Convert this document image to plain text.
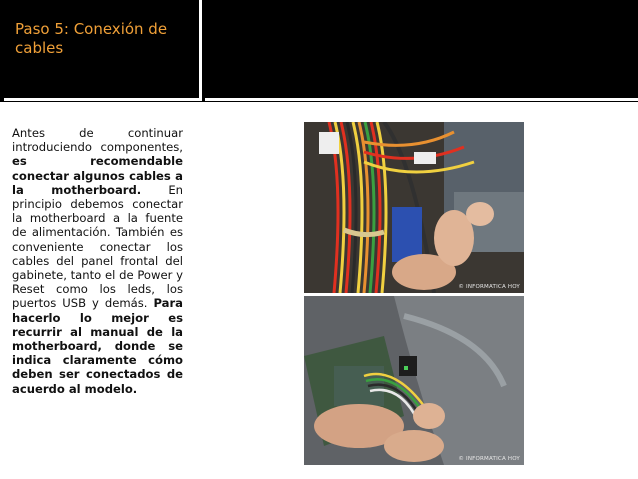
Paso 5: Conexión de cables
Antes de continuar introduciendo componentes, es recomendable conectar algunos cables a la motherboard. En principio debemos conectar la motherboard a la fuente de alimentación. También es conveniente conectar los cables del panel frontal del gabinete, tanto el de Power y Reset como los leds, los puertos USB y demás. Para hacerlo lo mejor es recurrir al manual de la motherboard, donde se indica claramente cómo deben ser conectados de acuerdo al modelo.
© INFORMATICA HOY
© INFORMATICA HOY
